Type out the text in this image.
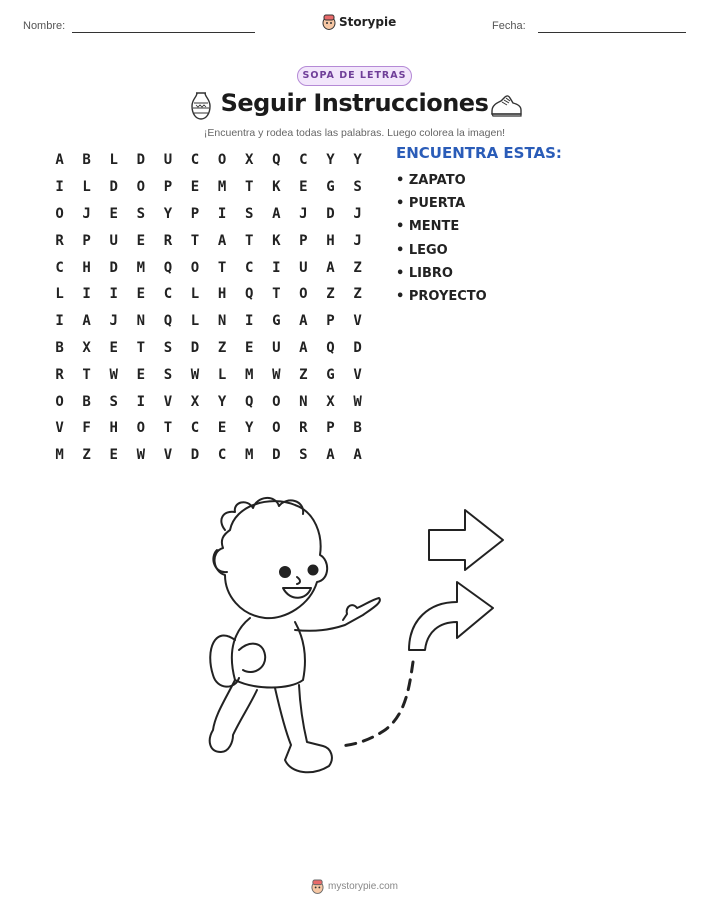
Nombre:	Storypie	Fecha:
SOPA DE LETRAS
Seguir Instrucciones
¡Encuentra y rodea todas las palabras. Luego colorea la imagen!
A	B	L	D	U	C	O	X	Q	C	Y	Y
I	L	D	O	P	E	M	T	K	E	G	S
O	J	E	S	Y	P	I	S	A	J	D	J
R	P	U	E	R	T	A	T	K	P	H	J
C	H	D	M	Q	O	T	C	I	U	A	Z
L	I	I	E	C	L	H	Q	T	O	Z	Z
I	A	J	N	Q	L	N	I	G	A	P	V
B	X	E	T	S	D	Z	E	U	A	Q	D
R	T	W	E	S	W	L	M	W	Z	G	V
O	B	S	I	V	X	Y	Q	O	N	X	W
V	F	H	O	T	C	E	Y	O	R	P	B
M	Z	E	W	V	D	C	M	D	S	A	A
ENCUENTRA ESTAS:
• ZAPATO
• PUERTA
• MENTE
• LEGO
• LIBRO
• PROYECTO
mystorypie.com
